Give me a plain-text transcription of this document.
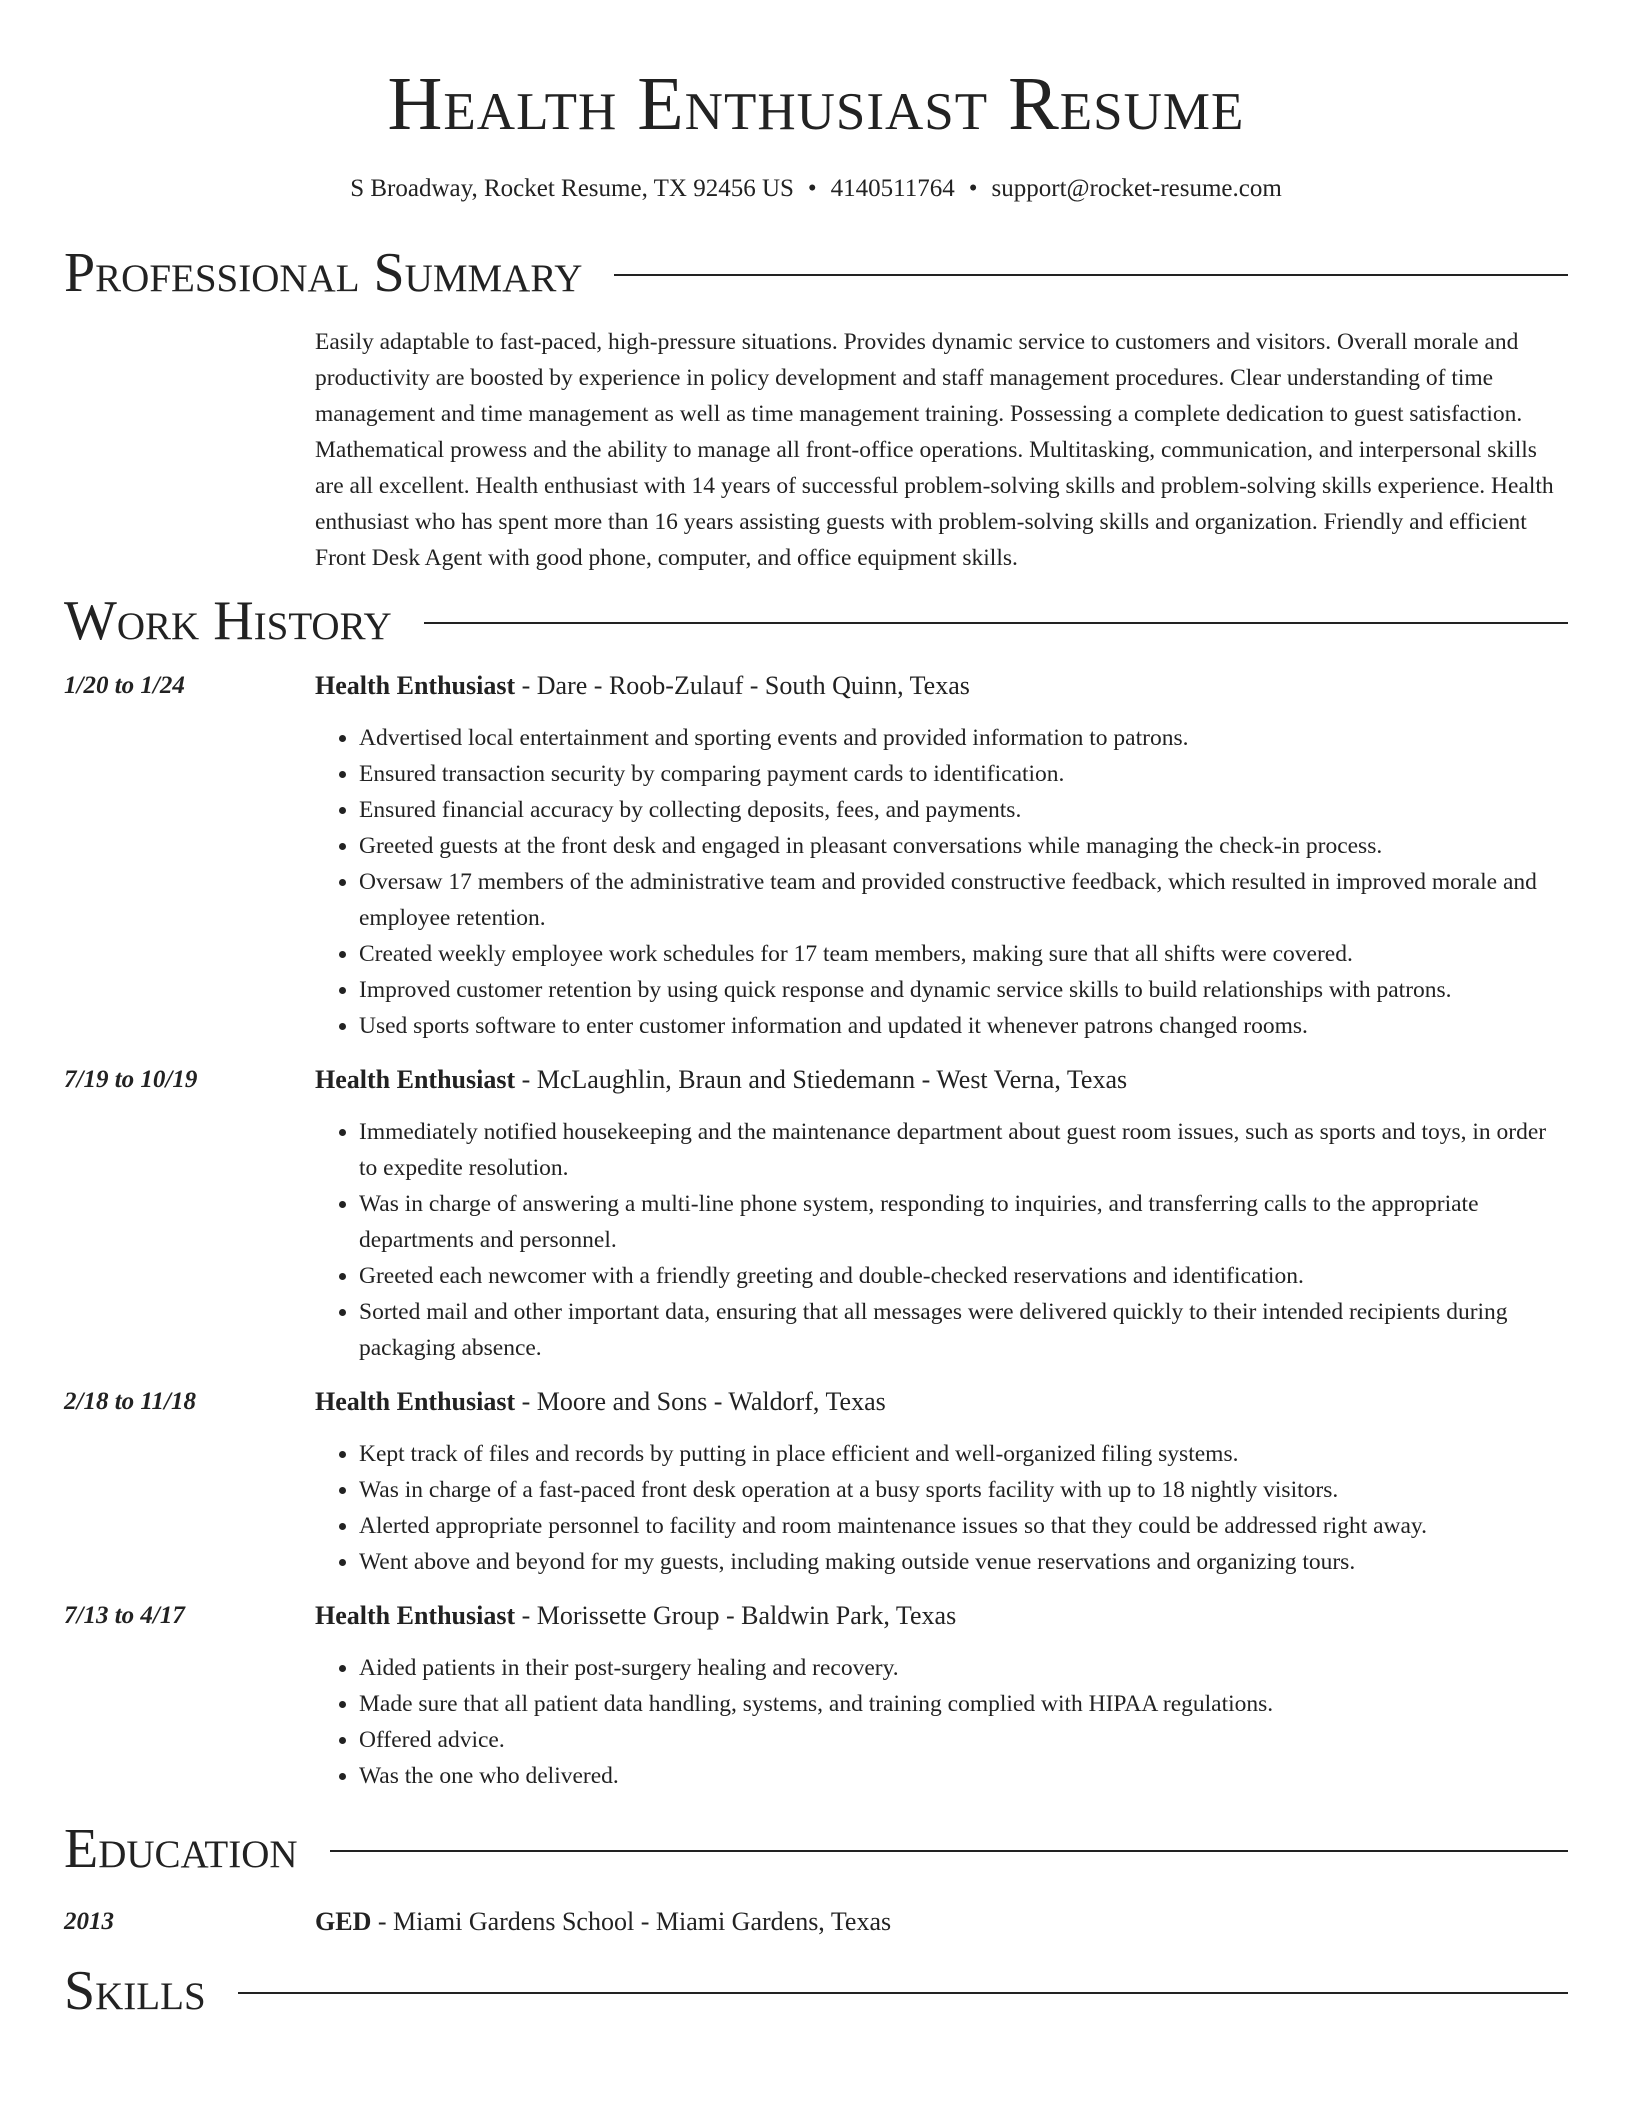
Health Enthusiast Resume
S Broadway, Rocket Resume, TX 92456 US • 4140511764 • support@rocket-resume.com
Professional Summary

Easily adaptable to fast-paced, high-pressure situations. Provides dynamic service to customers and visitors. Overall morale and productivity are boosted by experience in policy development and staff management procedures. Clear understanding of time management and time management as well as time management training. Possessing a complete dedication to guest satisfaction. Mathematical prowess and the ability to manage all front-office operations. Multitasking, communication, and interpersonal skills are all excellent. Health enthusiast with 14 years of successful problem-solving skills and problem-solving skills experience. Health enthusiast who has spent more than 16 years assisting guests with problem-solving skills and organization. Friendly and efficient Front Desk Agent with good phone, computer, and office equipment skills.

Work History
1/20 to 1/24	Health Enthusiast - Dare - Roob-Zulauf - South Quinn, Texas
• Advertised local entertainment and sporting events and provided information to patrons.
• Ensured transaction security by comparing payment cards to identification.
• Ensured financial accuracy by collecting deposits, fees, and payments.
• Greeted guests at the front desk and engaged in pleasant conversations while managing the check-in process.
• Oversaw 17 members of the administrative team and provided constructive feedback, which resulted in improved morale and employee retention.
• Created weekly employee work schedules for 17 team members, making sure that all shifts were covered.
• Improved customer retention by using quick response and dynamic service skills to build relationships with patrons.
• Used sports software to enter customer information and updated it whenever patrons changed rooms.
7/19 to 10/19	Health Enthusiast - McLaughlin, Braun and Stiedemann - West Verna, Texas
• Immediately notified housekeeping and the maintenance department about guest room issues, such as sports and toys, in order to expedite resolution.
• Was in charge of answering a multi-line phone system, responding to inquiries, and transferring calls to the appropriate departments and personnel.
• Greeted each newcomer with a friendly greeting and double-checked reservations and identification.
• Sorted mail and other important data, ensuring that all messages were delivered quickly to their intended recipients during packaging absence.
2/18 to 11/18	Health Enthusiast - Moore and Sons - Waldorf, Texas
• Kept track of files and records by putting in place efficient and well-organized filing systems.
• Was in charge of a fast-paced front desk operation at a busy sports facility with up to 18 nightly visitors.
• Alerted appropriate personnel to facility and room maintenance issues so that they could be addressed right away.
• Went above and beyond for my guests, including making outside venue reservations and organizing tours.
7/13 to 4/17	Health Enthusiast - Morissette Group - Baldwin Park, Texas
• Aided patients in their post-surgery healing and recovery.
• Made sure that all patient data handling, systems, and training complied with HIPAA regulations.
• Offered advice.
• Was the one who delivered.
Education
2013	GED - Miami Gardens School - Miami Gardens, Texas
Skills
